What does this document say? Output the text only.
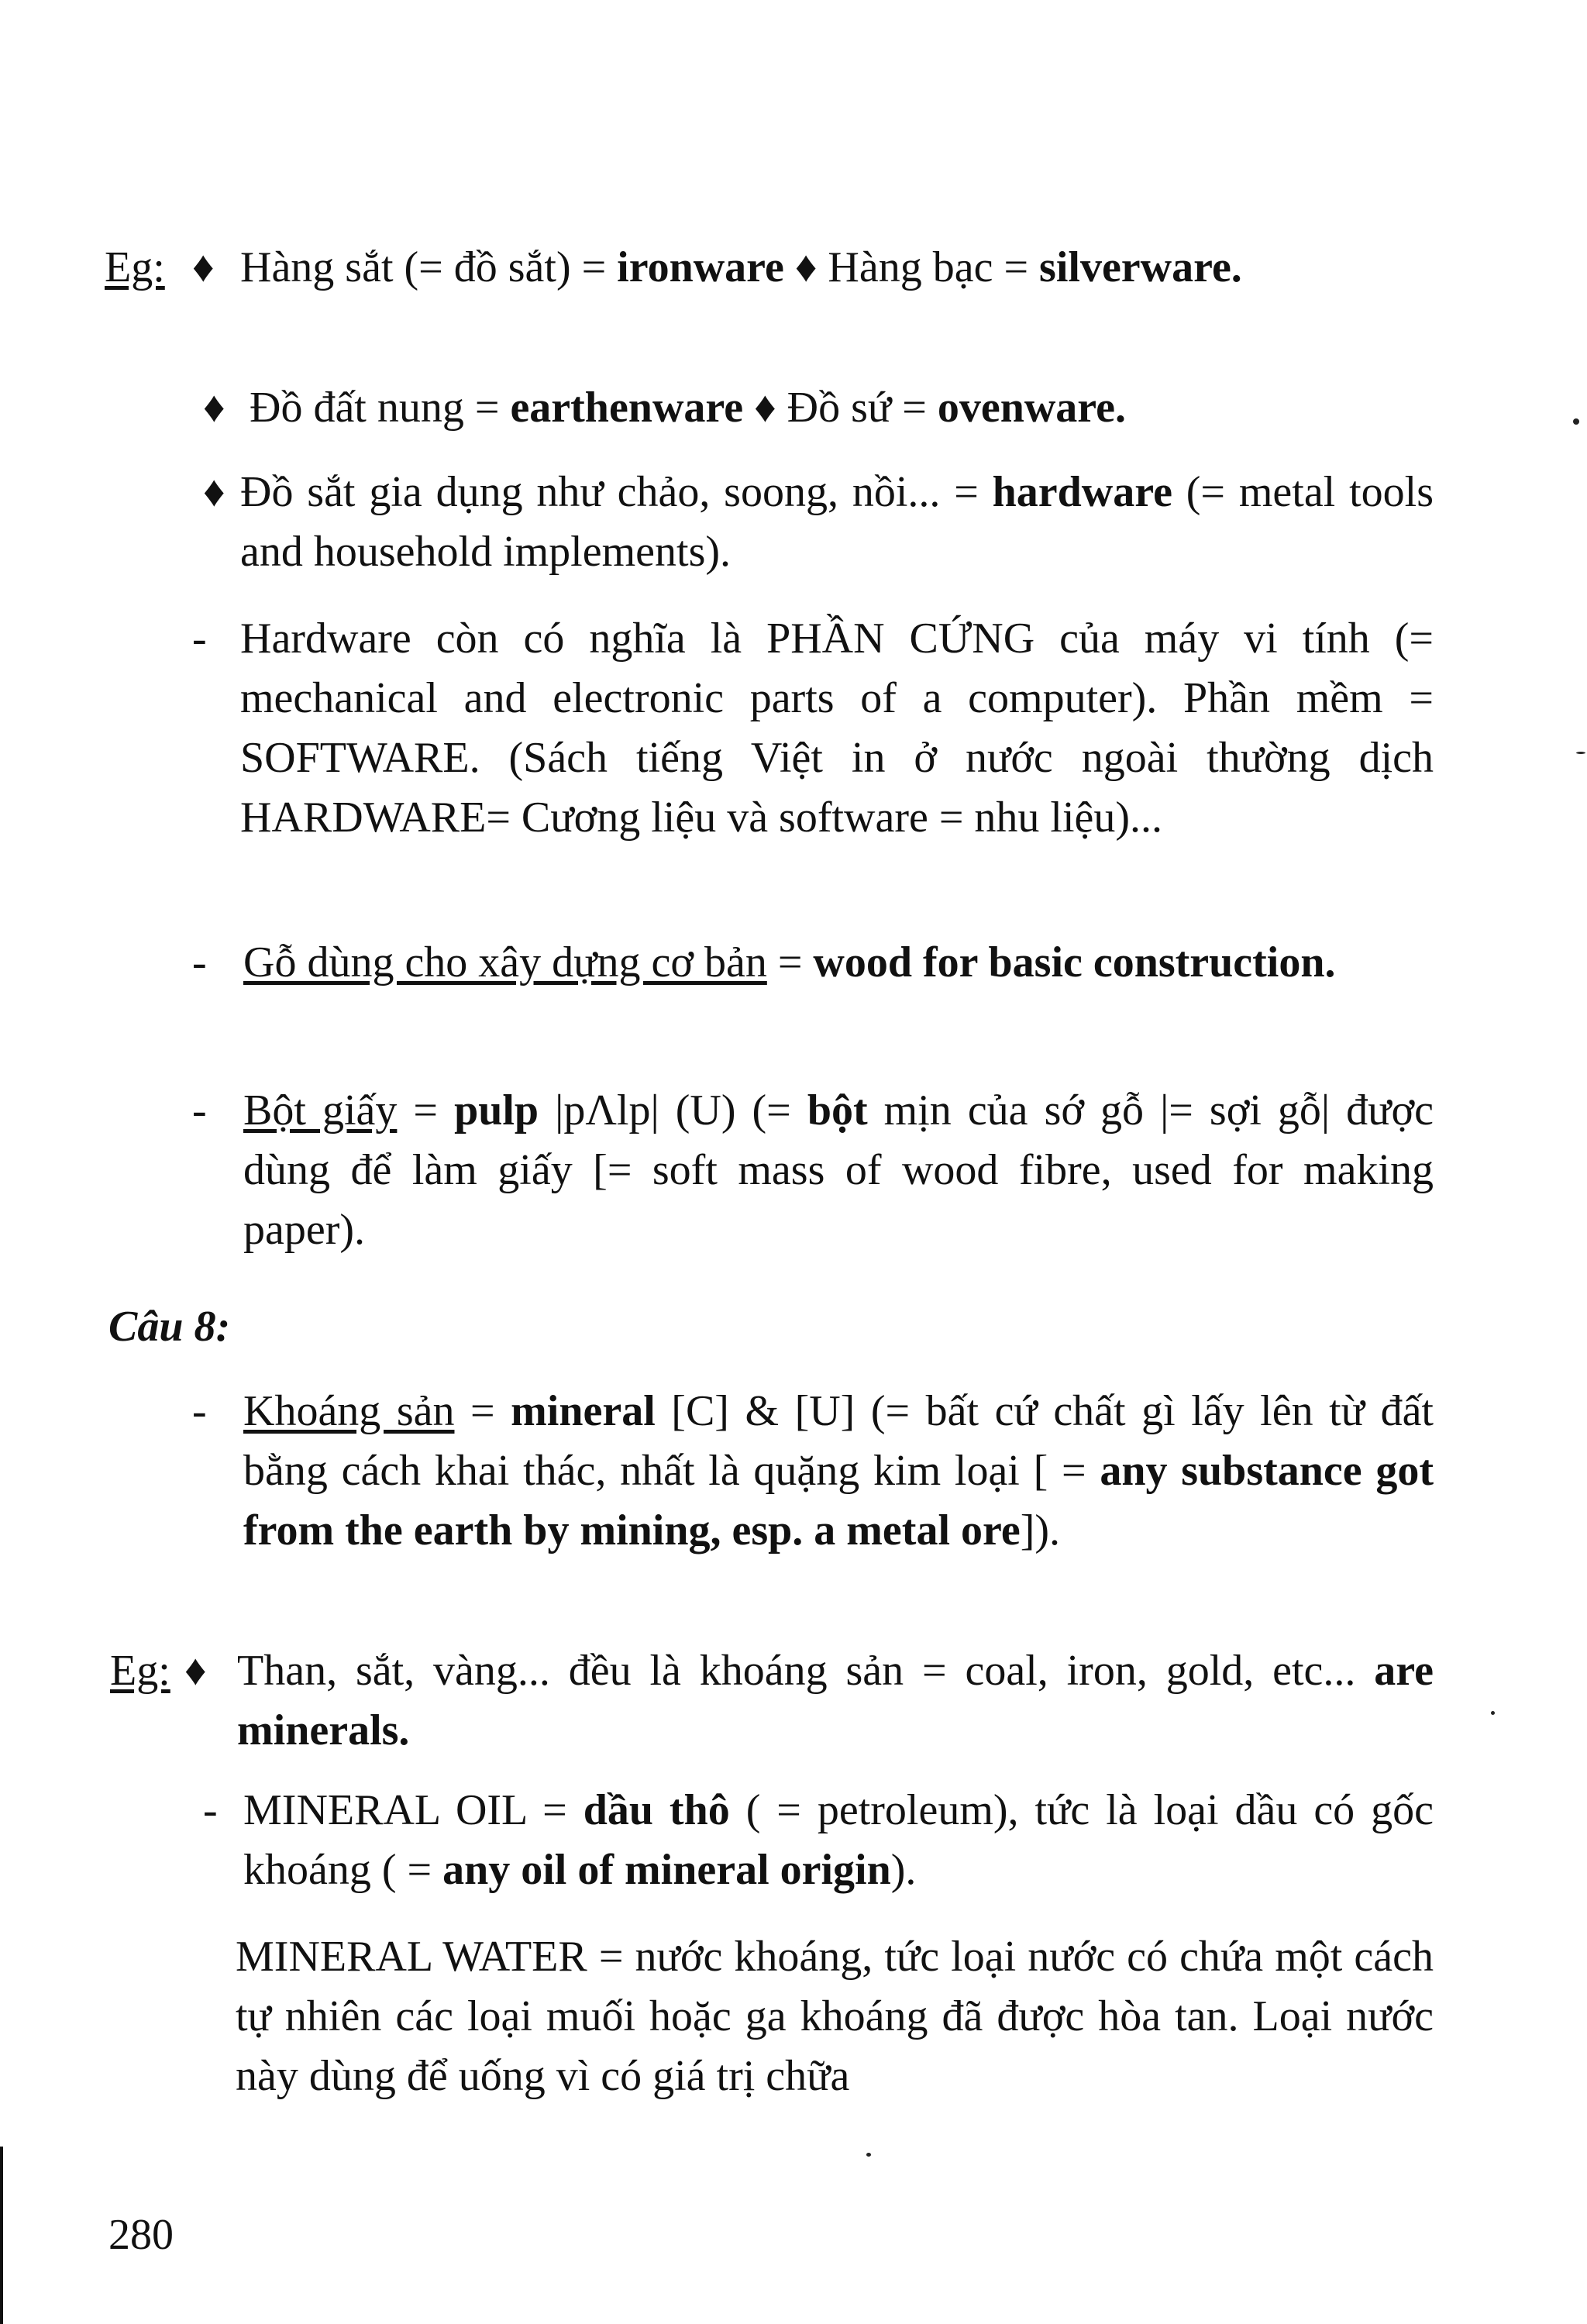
Eg: ♦ Hàng sắt (= đồ sắt) = ironware ♦ Hàng bạc = silverware.
♦ Đồ đất nung = earthenware ♦ Đồ sứ = ovenware.
♦ Đồ sắt gia dụng như chảo, soong, nồi... = hardware (= metal tools and household implements).
- Hardware còn có nghĩa là PHẦN CỨNG của máy vi tính (= mechanical and electronic parts of a computer). Phần mềm = SOFTWARE. (Sách tiếng Việt in ở nước ngoài thường dịch HARDWARE= Cương liệu và software = nhu liệu)...
- Gỗ dùng cho xây dựng cơ bản = wood for basic construction.
- Bột giấy = pulp |pΛlp| (U) (= bột mịn của sớ gỗ |= sợi gỗ| được dùng để làm giấy [= soft mass of wood fibre, used for making paper).
Câu 8:
- Khoáng sản = mineral [C] & [U] (= bất cứ chất gì lấy lên từ đất bằng cách khai thác, nhất là quặng kim loại [ = any substance got from the earth by mining, esp. a metal ore]).
Eg: ♦ Than, sắt, vàng... đều là khoáng sản = coal, iron, gold, etc... are minerals.
- MINERAL OIL = dầu thô ( = petroleum), tức là loại dầu có gốc khoáng ( = any oil of mineral origin).
MINERAL WATER = nước khoáng, tức loại nước có chứa một cách tự nhiên các loại muối hoặc ga khoáng đã được hòa tan. Loại nước này dùng để uống vì có giá trị chữa
280
